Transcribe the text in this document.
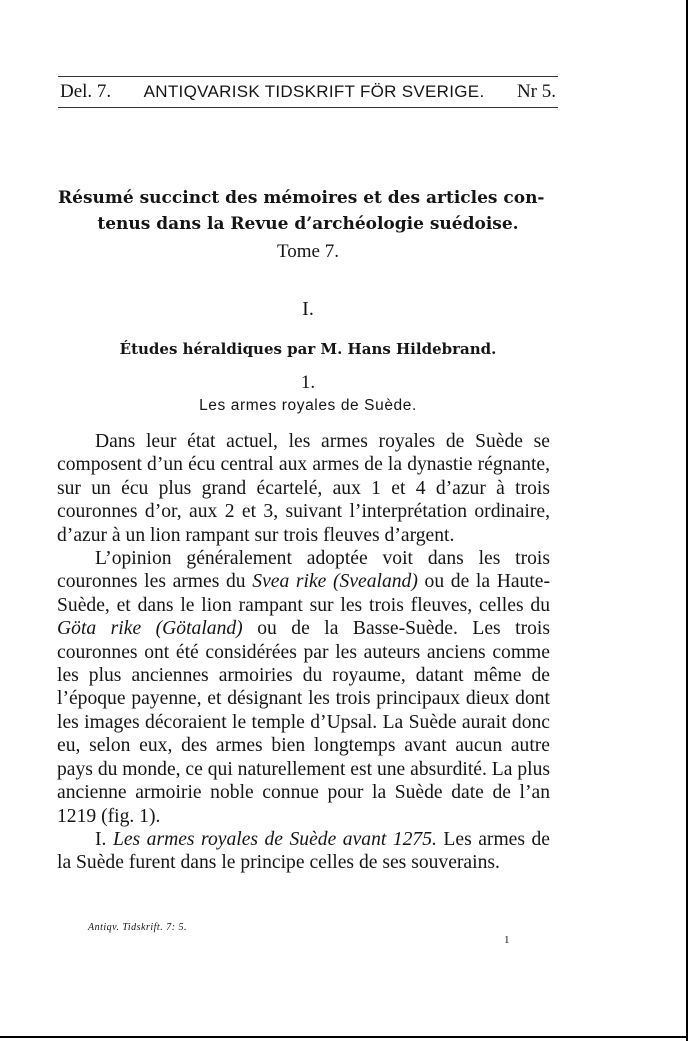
Del. 7. ANTIQVARISK TIDSKRIFT FÖR SVERIGE. Nr 5.
Résumé succinct des mémoires et des articles con-
tenus dans la Revue d’archéologie suédoise.
Tome 7.
I.
Études héraldiques par M. Hans Hildebrand.
1.
Les armes royales de Suède.

Dans leur état actuel, les armes royales de Suède se composent d’un écu central aux armes de la dynastie régnante, sur un écu plus grand écartelé, aux 1 et 4 d’azur à trois couronnes d’or, aux 2 et 3, suivant l’interprétation ordinaire, d’azur à un lion rampant sur trois fleuves d’argent.

L’opinion généralement adoptée voit dans les trois couronnes les armes du Svea rike (Svealand) ou de la Haute-Suède, et dans le lion rampant sur les trois fleuves, celles du Göta rike (Götaland) ou de la Basse-Suède. Les trois couronnes ont été considérées par les auteurs anciens comme les plus anciennes armoiries du royaume, datant même de l’époque payenne, et désignant les trois principaux dieux dont les images décoraient le temple d’Upsal. La Suède aurait donc eu, selon eux, des armes bien longtemps avant aucun autre pays du monde, ce qui naturellement est une absurdité. La plus ancienne armoirie noble connue pour la Suède date de l’an 1219 (fig. 1).

I. Les armes royales de Suède avant 1275. Les armes de la Suède furent dans le principe celles de ses souverains.

Antiqv. Tidskrift. 7: 5.
1
